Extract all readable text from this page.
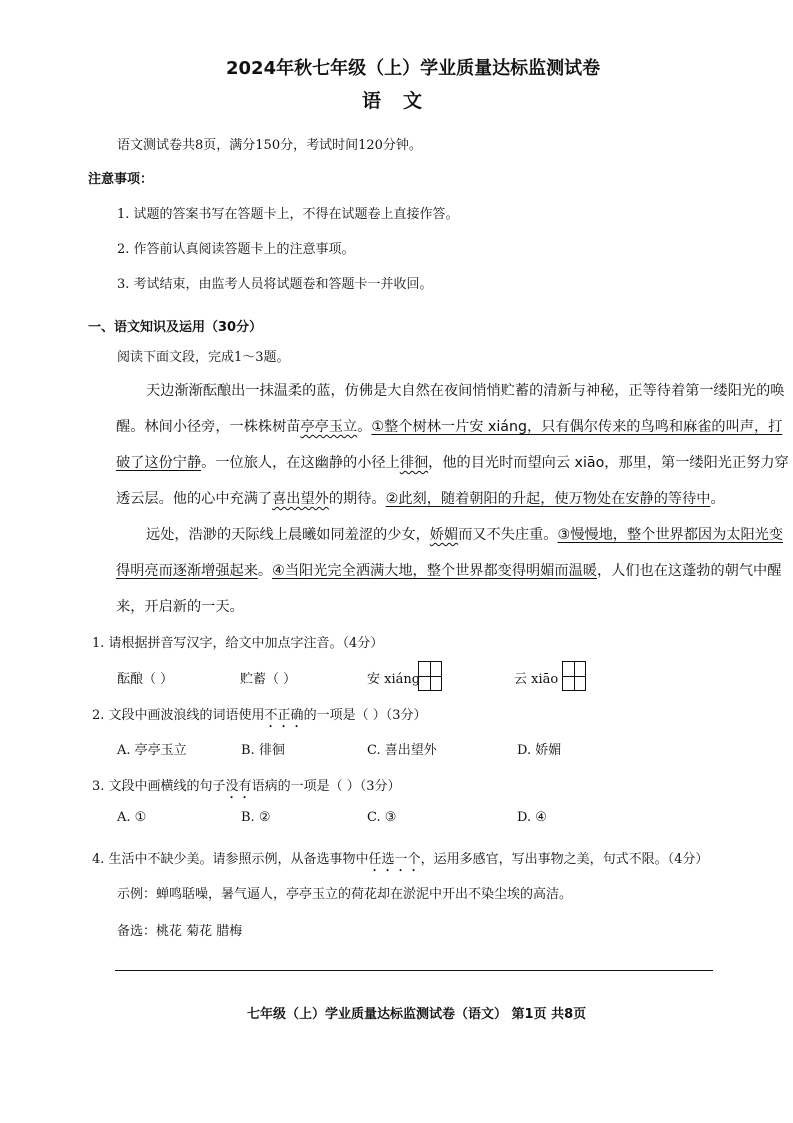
2024年秋七年级（上）学业质量达标监测试卷
语文
语文测试卷共8页，满分150分，考试时间120分钟。
注意事项：
1. 试题的答案书写在答题卡上，不得在试题卷上直接作答。
2. 作答前认真阅读答题卡上的注意事项。
3. 考试结束，由监考人员将试题卷和答题卡一并收回。
一、语文知识及运用（30分）
阅读下面文段，完成1～3题。
天边渐渐酝酿出一抹温柔的蓝，仿佛是大自然在夜间悄悄贮蓄的清新与神秘，正等待着第一缕阳光的唤
醒。林间小径旁，一株株树苗亭亭玉立。①整个树林一片安 xiáng，只有偶尔传来的鸟鸣和麻雀的叫声，打
破了这份宁静。一位旅人，在这幽静的小径上徘徊，他的目光时而望向云 xiāo，那里，第一缕阳光正努力穿
透云层。他的心中充满了喜出望外的期待。②此刻，随着朝阳的升起，使万物处在安静的等待中。
远处，浩渺的天际线上晨曦如同羞涩的少女，娇媚而又不失庄重。③慢慢地，整个世界都因为太阳光变
得明亮而逐渐增强起来。④当阳光完全洒满大地，整个世界都变得明媚而温暖，人们也在这蓬勃的朝气中醒
来，开启新的一天。
1. 请根据拼音写汉字，给文中加点字注音。（4分）
酝酿（ ）	贮蓄（ ）	安 xiáng	云 xiāo
2. 文段中画波浪线的词语使用不正确的一项是（ ）（3分）
A. 亭亭玉立	B. 徘徊	C. 喜出望外	D. 娇媚
3. 文段中画横线的句子没有语病的一项是（ ）（3分）
A. ①	B. ②	C. ③	D. ④
4. 生活中不缺少美。请参照示例，从备选事物中任选一个，运用多感官，写出事物之美，句式不限。（4分）
示例：蝉鸣聒噪，暑气逼人，亭亭玉立的荷花却在淤泥中开出不染尘埃的高洁。
备选：桃花 菊花 腊梅
七年级（上）学业质量达标监测试卷（语文） 第1页 共8页
